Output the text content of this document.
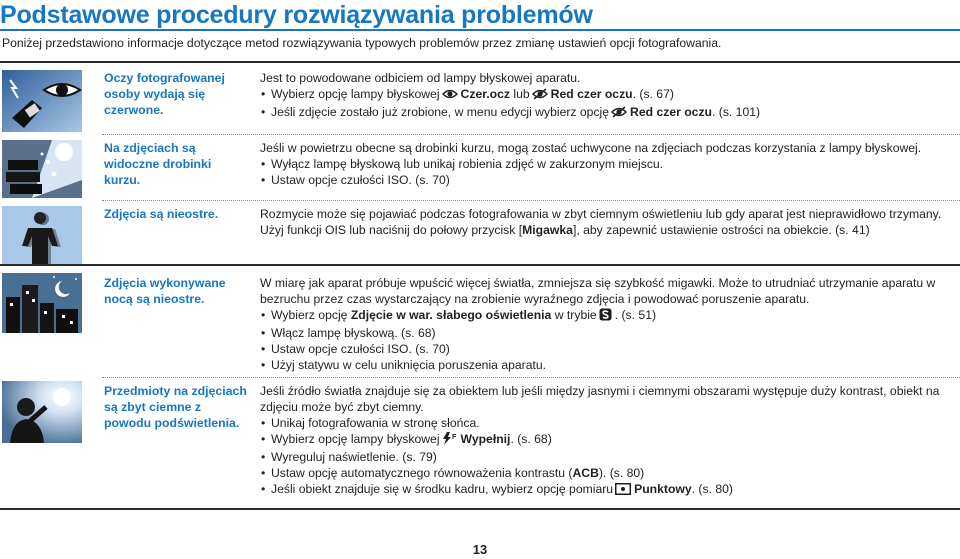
Podstawowe procedury rozwiązywania problemów
Poniżej przedstawiono informacje dotyczące metod rozwiązywania typowych problemów przez zmianę ustawień opcji fotografowania.
Oczy fotografowanej osoby wydają się czerwone.

Jest to powodowane odbiciem od lampy błyskowej aparatu.

• Wybierz opcję lampy błyskowej Czer.ocz lub Red czer oczu. (s. 67)
• Jeśli zdjęcie zostało już zrobione, w menu edycji wybierz opcję Red czer oczu. (s. 101)
Na zdjęciach są widoczne drobinki kurzu.

Jeśli w powietrzu obecne są drobinki kurzu, mogą zostać uchwycone na zdjęciach podczas korzystania z lampy błyskowej.

• Wyłącz lampę błyskową lub unikaj robienia zdjęć w zakurzonym miejscu.
• Ustaw opcje czułości ISO. (s. 70)
Zdjęcia są nieostre.	Rozmycie może się pojawiać podczas fotografowania w zbyt ciemnym oświetleniu lub gdy aparat jest nieprawidłowo trzymany.

Użyj funkcji OIS lub naciśnij do połowy przycisk [Migawka], aby zapewnić ustawienie ostrości na obiekcie. (s. 41)

Zdjęcia wykonywane nocą są nieostre.

W miarę jak aparat próbuje wpuścić więcej światła, zmniejsza się szybkość migawki. Może to utrudniać utrzymanie aparatu w bezruchu przez czas wystarczający na zrobienie wyraźnego zdjęcia i powodować poruszenie aparatu.

• Wybierz opcję Zdjęcie w war. słabego oświetlenia w trybie . (s. 51)
• Włącz lampę błyskową. (s. 68)
• Ustaw opcje czułości ISO. (s. 70)
• Użyj statywu w celu uniknięcia poruszenia aparatu.
Przedmioty na zdjęciach są zbyt ciemne z powodu podświetlenia.

Jeśli źródło światła znajduje się za obiektem lub jeśli między jasnymi i ciemnymi obszarami występuje duży kontrast, obiekt na zdjęciu może być zbyt ciemny.

• Unikaj fotografowania w stronę słońca.
• Wybierz opcję lampy błyskowej F Wypełnij. (s. 68)
• Wyreguluj naświetlenie. (s. 79)
• Ustaw opcję automatycznego równoważenia kontrastu (ACB). (s. 80)
• Jeśli obiekt znajduje się w środku kadru, wybierz opcję pomiaru Punktowy. (s. 80)
13
